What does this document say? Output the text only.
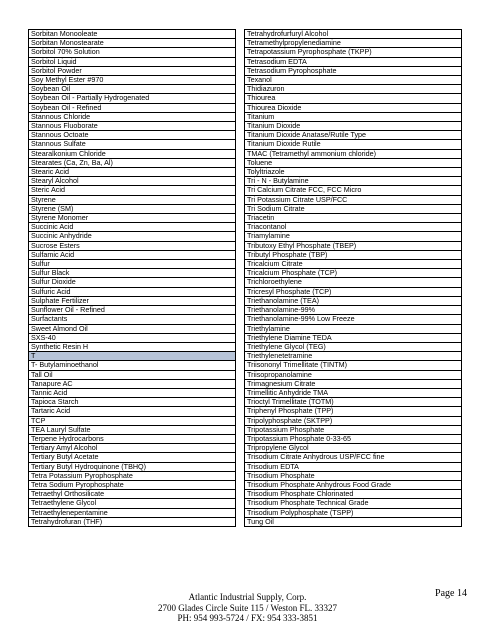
Sorbitan Monooleate
Sorbitan Monostearate
Sorbitol 70% Solution
Sorbitol Liquid
Sorbitol Powder
Soy Methyl Ester #970
Soybean Oil
Soybean Oil - Partially Hydrogenated
Soybean Oil - Refined
Stannous Chloride
Stannous Fluoborate
Stannous Octoate
Stannous Sulfate
Stearalkonium Chloride
Stearates (Ca, Zn, Ba, Al)
Stearic Acid
Stearyl Alcohol
Steric Acid
Styrene
Styrene (SM)
Styrene Monomer
Succinic Acid
Succinic Anhydride
Sucrose Esters
Sulfamic Acid
Sulfur
Sulfur Black
Sulfur Dioxide
Sulfuric Acid
Sulphate Fertilizer
Sunflower Oil - Refined
Surfactants
Sweet Almond Oil
SXS-40
Synthetic Resin H
T
T- Butylaminoethanol
Tall Oil
Tanapure AC
Tannic Acid
Tapioca Starch
Tartaric Acid
TCP
TEA Lauryl Sulfate
Terpene Hydrocarbons
Tertiary Amyl Alcohol
Tertiary Butyl Acetate
Tertiary Butyl Hydroquinone (TBHQ)
Tetra Potassium Pyrophosphate
Tetra Sodium Pyrophosphate
Tetraethyl Orthosilicate
Tetraethylene Glycol
Tetraethylenepentamine
Tetrahydrofuran (THF)
Tetrahydrofurfuryl Alcohol
Tetramethylpropylenediamine
Tetrapotassium Pyrophosphate (TKPP)
Tetrasodium EDTA
Tetrasodium Pyrophosphate
Texanol
Thidiazuron
Thiourea
Thiourea Dioxide
Titanium
Titanium Dioxide
Titanium Dioxide Anatase/Rutile Type
Titanium Dioxide Rutile
TMAC (Tetramethyl ammonium chloride)
Toluene
Tolyltriazole
Tri - N - Butylamine
Tri Calcium Citrate FCC, FCC Micro
Tri Potassium Citrate USP/FCC
Tri Sodium Citrate
Triacetin
Triacontanol
Triamylamine
Tributoxy Ethyl Phosphate (TBEP)
Tributyl Phosphate (TBP)
Tricalcium Citrate
Tricalcium Phosphate (TCP)
Trichloroethylene
Tricresyl Phosphate (TCP)
Triethanolamine (TEA)
Triethanolamine-99%
Triethanolamine-99% Low Freeze
Triethylamine
Triethylene Diamine TEDA
Triethylene Glycol (TEG)
Triethylenetetramine
Triisononyl Trimellitate (TINTM)
Triisopropanolamine
Trimagnesium Citrate
Trimellitic Anhydride TMA
Trioctyl Trimellitate (TOTM)
Triphenyl Phosphate (TPP)
Tripolyphosphate (SKTPP)
Tripotassium Phosphate
Tripotassium Phosphate 0-33-65
Tripropylene Glycol
Trisodium Citrate Anhydrous USP/FCC fine
Trisodium EDTA
Trisodium Phosphate
Trisodium Phosphate Anhydrous Food Grade
Trisodium Phosphate Chlorinated
Trisodium Phosphate Technical Grade
Trisodium Polyphosphate (TSPP)
Tung Oil
Page 14
Atlantic Industrial Supply, Corp.
2700 Glades Circle Suite 115 / Weston FL. 33327
PH: 954 993-5724 / FX: 954 333-3851
